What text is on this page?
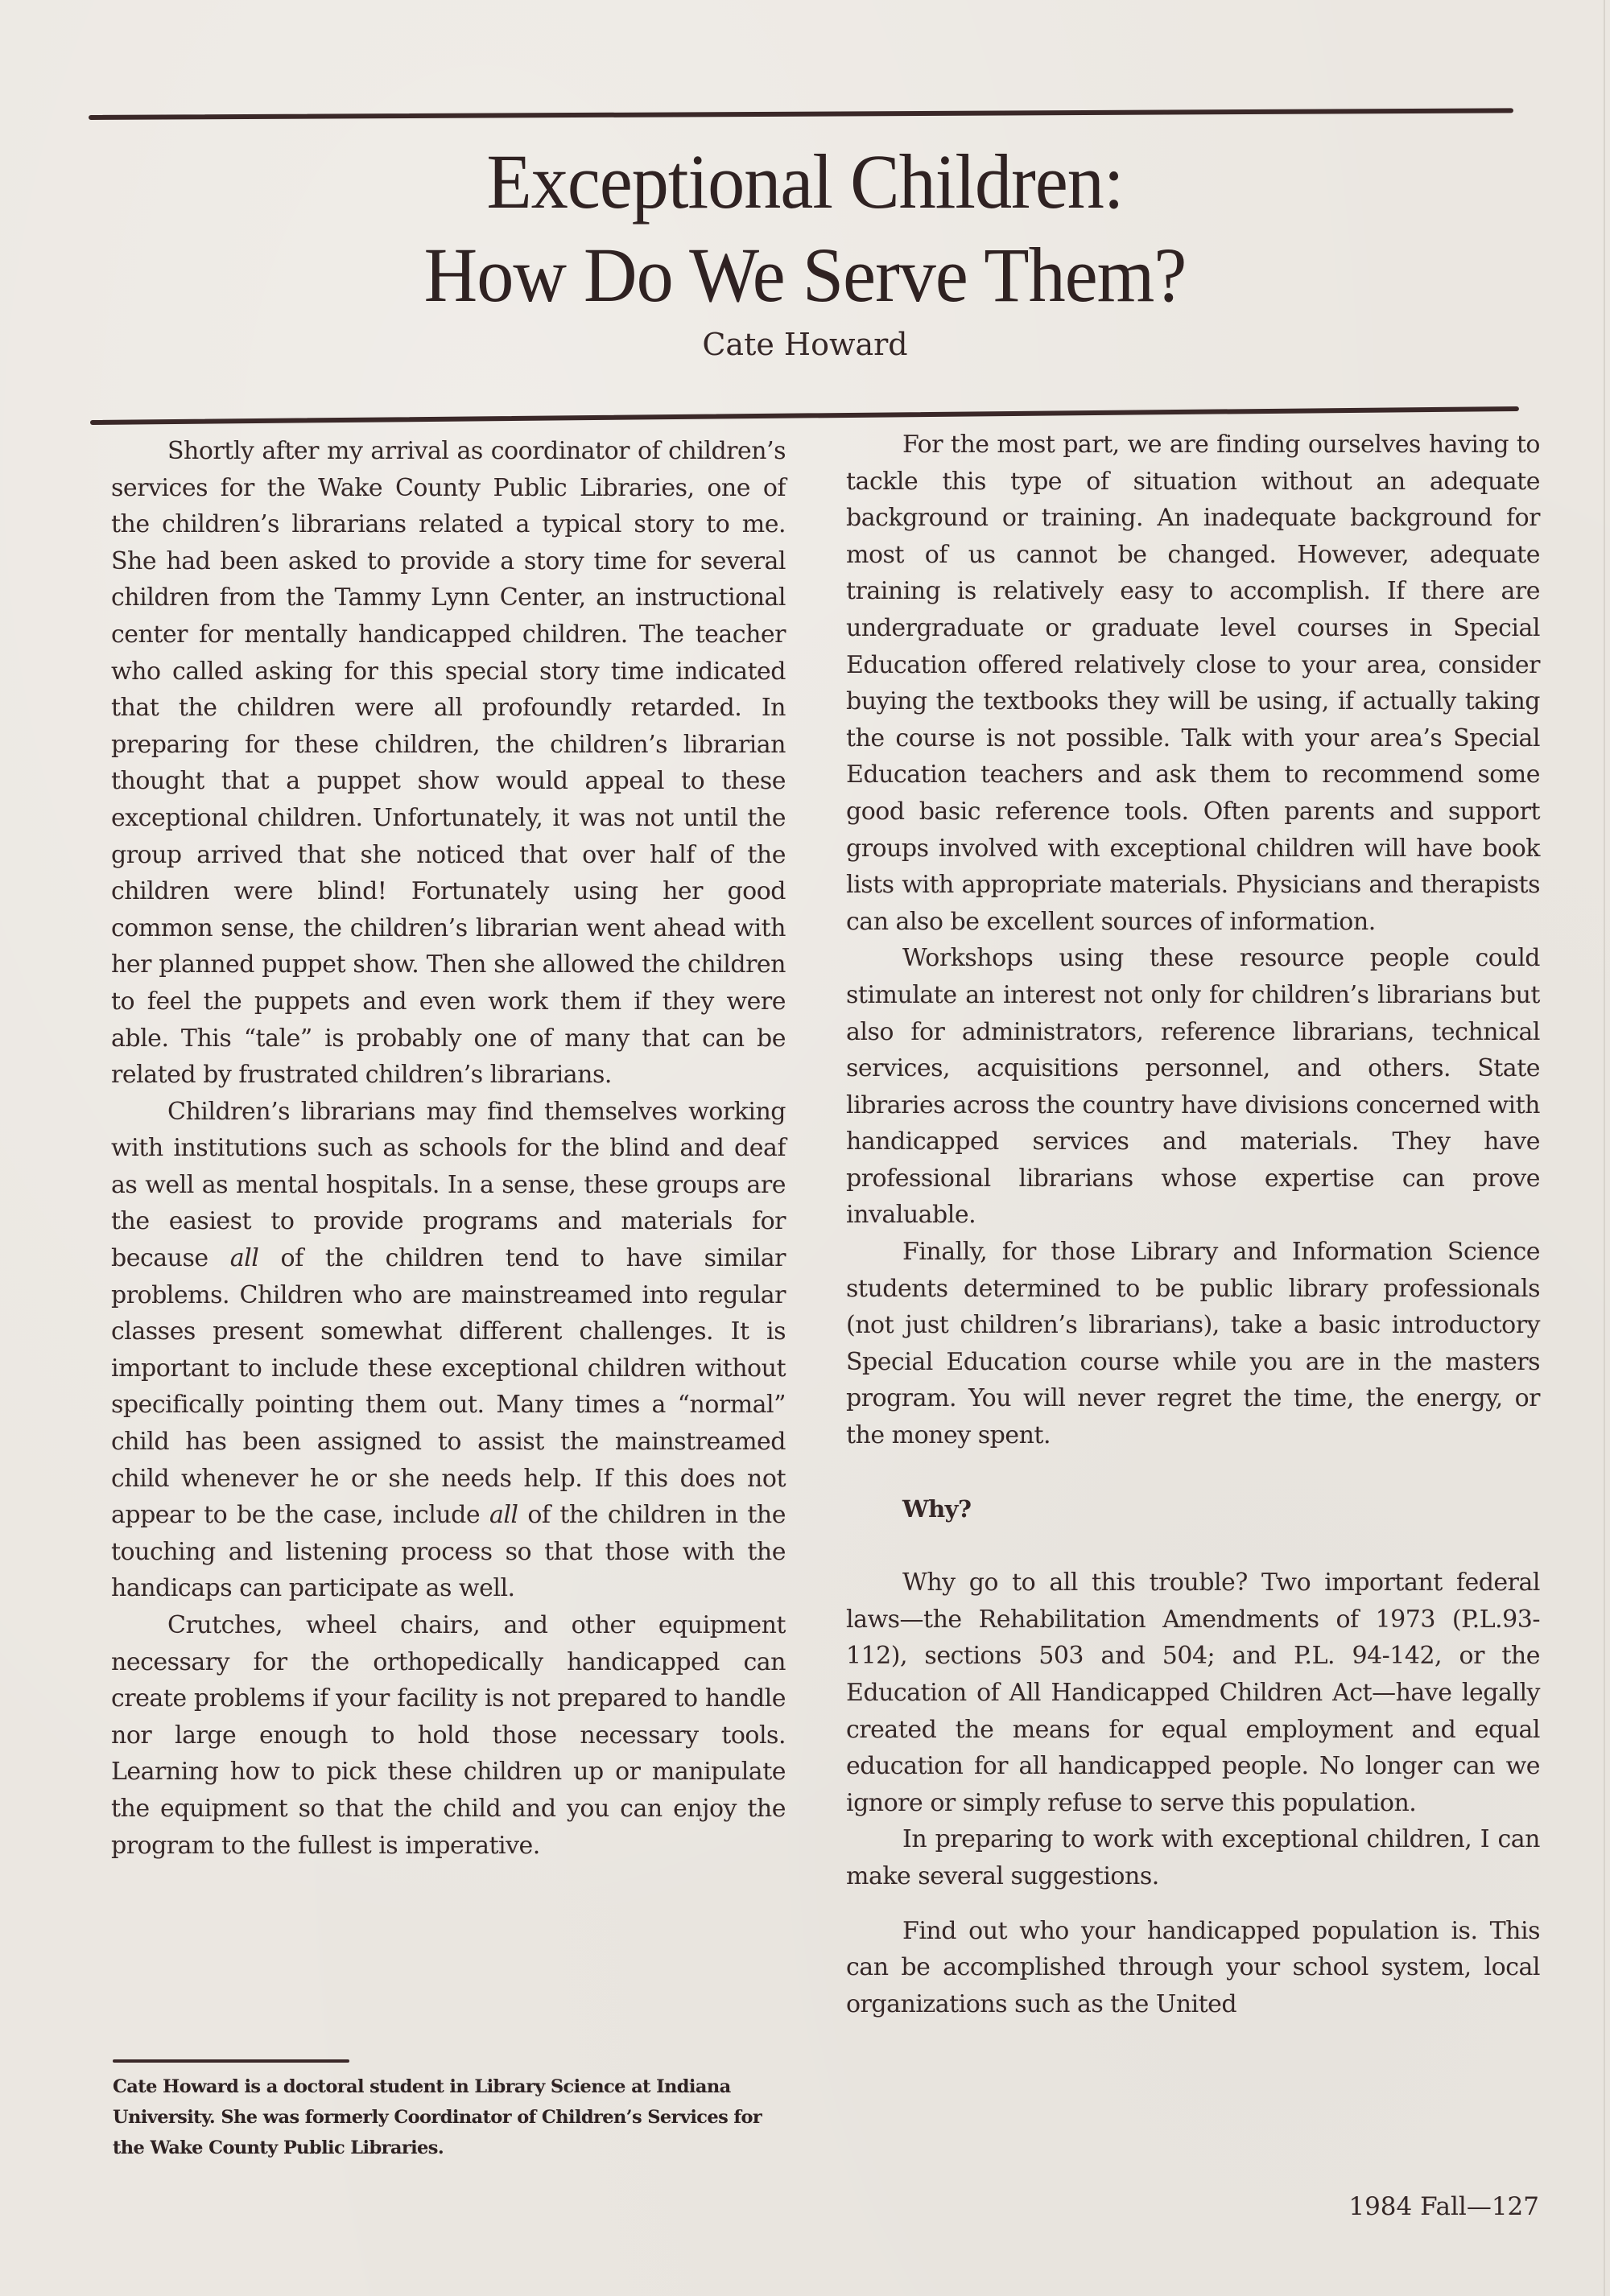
Exceptional Children:
How Do We Serve Them?
Cate Howard

Shortly after my arrival as coordinator of children’s services for the Wake County Public Libraries, one of the children’s librarians related a typical story to me. She had been asked to provide a story time for several children from the Tammy Lynn Center, an instructional center for mentally handicapped children. The teacher who called asking for this special story time indicated that the children were all profoundly retarded. In preparing for these children, the children’s librarian thought that a puppet show would appeal to these exceptional children. Unfortunately, it was not until the group arrived that she noticed that over half of the children were blind! Fortunately using her good common sense, the children’s librarian went ahead with her planned puppet show. Then she allowed the children to feel the puppets and even work them if they were able. This “tale” is probably one of many that can be related by frustrated children’s librarians.

Children’s librarians may find themselves working with institutions such as schools for the blind and deaf as well as mental hospitals. In a sense, these groups are the easiest to provide programs and materials for because all of the children tend to have similar problems. Children who are mainstreamed into regular classes present somewhat different challenges. It is important to include these exceptional children without specifically pointing them out. Many times a “normal” child has been assigned to assist the mainstreamed child whenever he or she needs help. If this does not appear to be the case, include all of the children in the touching and listening process so that those with the handicaps can participate as well.

Crutches, wheel chairs, and other equipment necessary for the orthopedically handicapped can create problems if your facility is not prepared to handle nor large enough to hold those necessary tools. Learning how to pick these children up or manipulate the equipment so that the child and you can enjoy the program to the fullest is imperative.

Cate Howard is a doctoral student in Library Science at Indiana University. She was formerly Coordinator of Children’s Services for the Wake County Public Libraries.

For the most part, we are finding ourselves having to tackle this type of situation without an adequate background or training. An inadequate background for most of us cannot be changed. However, adequate training is relatively easy to accomplish. If there are undergraduate or graduate level courses in Special Education offered relatively close to your area, consider buying the textbooks they will be using, if actually taking the course is not possible. Talk with your area’s Special Education teachers and ask them to recommend some good basic reference tools. Often parents and support groups involved with exceptional children will have book lists with appropriate materials. Physicians and therapists can also be excellent sources of information.

Workshops using these resource people could stimulate an interest not only for children’s librarians but also for administrators, reference librarians, technical services, acquisitions personnel, and others. State libraries across the country have divisions concerned with handicapped services and materials. They have professional librarians whose expertise can prove invaluable.

Finally, for those Library and Information Science students determined to be public library professionals (not just children’s librarians), take a basic introductory Special Education course while you are in the masters program. You will never regret the time, the energy, or the money spent.

Why?

Why go to all this trouble? Two important federal laws—the Rehabilitation Amendments of 1973 (P.L.93-112), sections 503 and 504; and P.L. 94-142, or the Education of All Handicapped Children Act—have legally created the means for equal employment and equal education for all handicapped people. No longer can we ignore or simply refuse to serve this population.

In preparing to work with exceptional children, I can make several suggestions.

Find out who your handicapped population is. This can be accomplished through your school system, local organizations such as the United

1984 Fall—127
